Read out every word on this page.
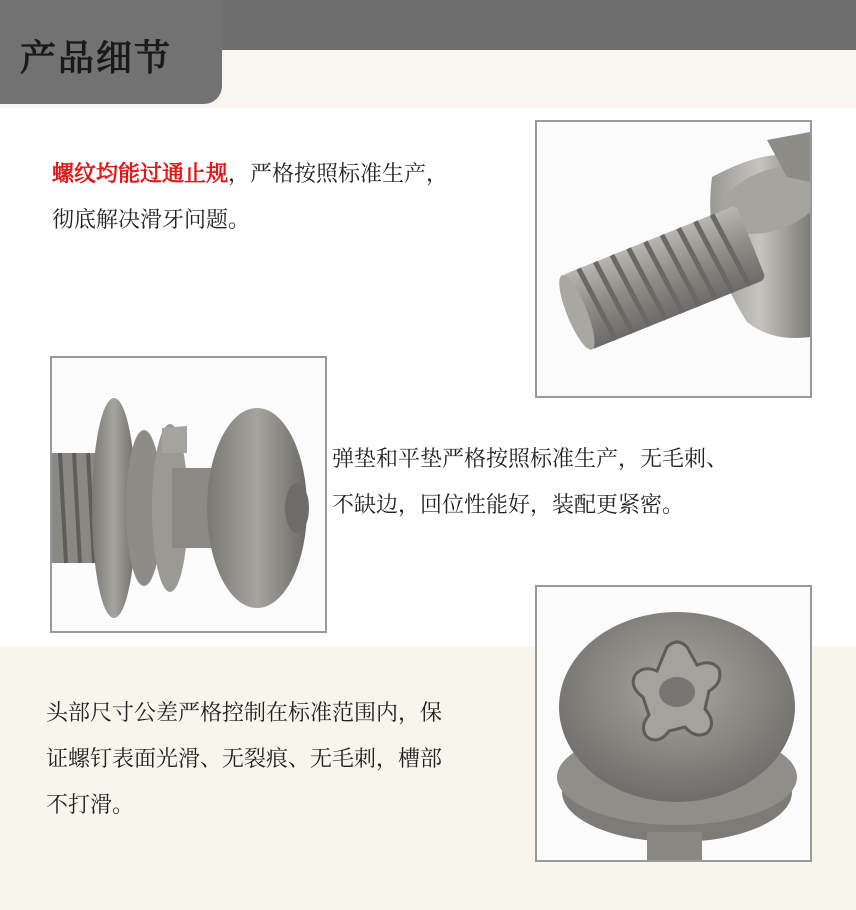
产品细节
螺纹均能过通止规，严格按照标准生产，
彻底解决滑牙问题。
弹垫和平垫严格按照标准生产，无毛刺、
不缺边，回位性能好，装配更紧密。
头部尺寸公差严格控制在标准范围内，保
证螺钉表面光滑、无裂痕、无毛刺，槽部
不打滑。
